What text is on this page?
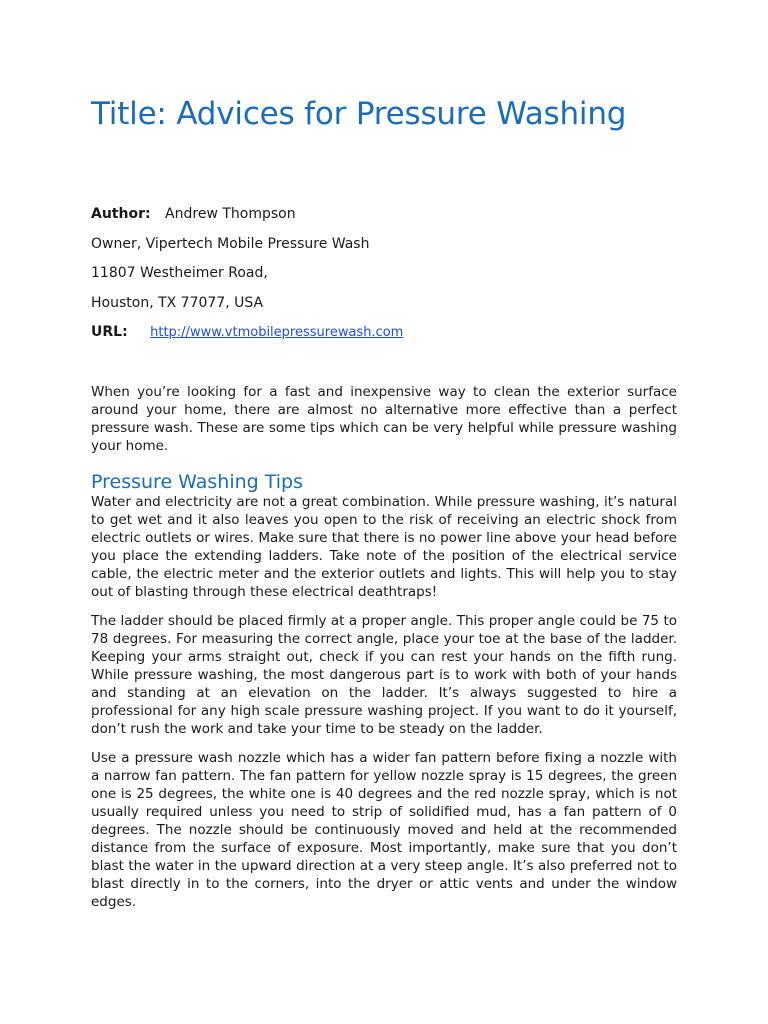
Title: Advices for Pressure Washing
Author: Andrew Thompson
Owner, Vipertech Mobile Pressure Wash
11807 Westheimer Road,
Houston, TX 77077, USA
URL: http://www.vtmobilepressurewash.com

When you’re looking for a fast and inexpensive way to clean the exterior surface around your home, there are almost no alternative more effective than a perfect pressure wash. These are some tips which can be very helpful while pressure washing your home.

Pressure Washing Tips

Water and electricity are not a great combination. While pressure washing, it’s natural to get wet and it also leaves you open to the risk of receiving an electric shock from electric outlets or wires. Make sure that there is no power line above your head before you place the extending ladders. Take note of the position of the electrical service cable, the electric meter and the exterior outlets and lights. This will help you to stay out of blasting through these electrical deathtraps!

The ladder should be placed firmly at a proper angle. This proper angle could be 75 to 78 degrees. For measuring the correct angle, place your toe at the base of the ladder. Keeping your arms straight out, check if you can rest your hands on the fifth rung. While pressure washing, the most dangerous part is to work with both of your hands and standing at an elevation on the ladder. It’s always suggested to hire a professional for any high scale pressure washing project. If you want to do it yourself, don’t rush the work and take your time to be steady on the ladder.

Use a pressure wash nozzle which has a wider fan pattern before fixing a nozzle with a narrow fan pattern. The fan pattern for yellow nozzle spray is 15 degrees, the green one is 25 degrees, the white one is 40 degrees and the red nozzle spray, which is not usually required unless you need to strip of solidified mud, has a fan pattern of 0 degrees. The nozzle should be continuously moved and held at the recommended distance from the surface of exposure. Most importantly, make sure that you don’t blast the water in the upward direction at a very steep angle. It’s also preferred not to blast directly in to the corners, into the dryer or attic vents and under the window edges.
